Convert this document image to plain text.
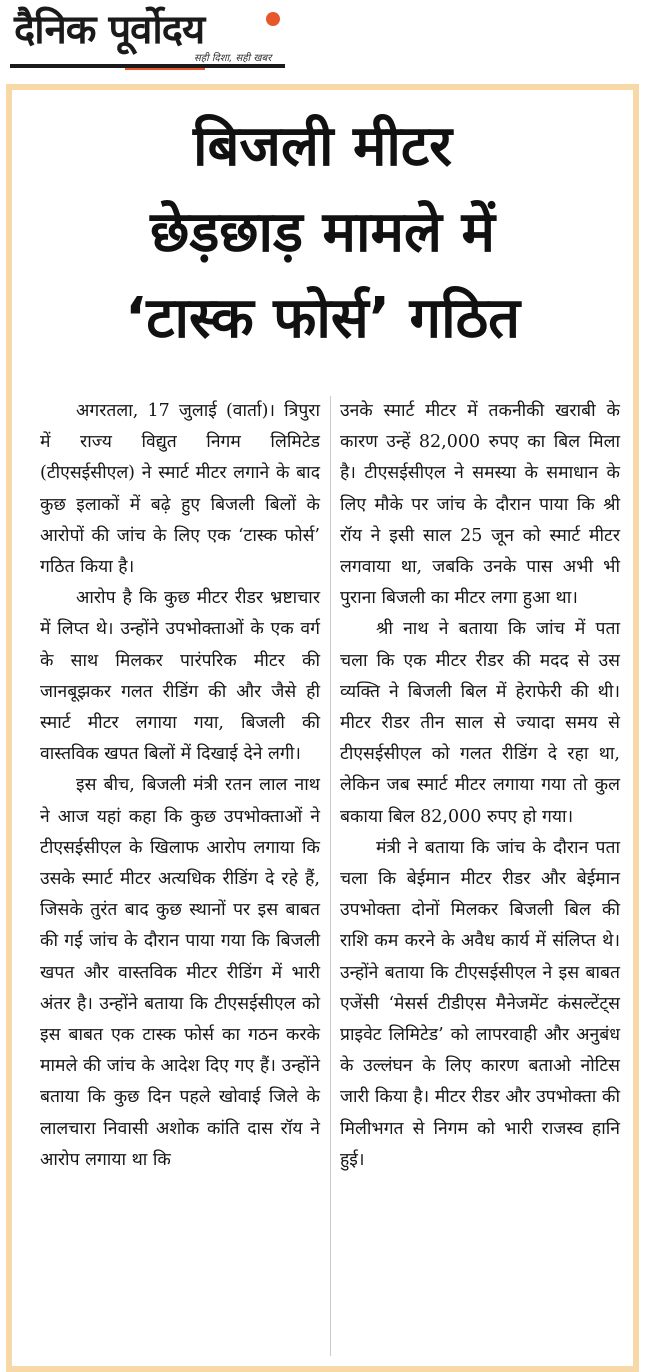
दैनिक पूर्वोदय
सही दिशा, सही खबर
बिजली मीटर
छेड़छाड़ मामले में
‘टास्क फोर्स’ गठित

अगरतला, 17 जुलाई (वार्ता)। त्रिपुरा में राज्य विद्युत निगम लिमिटेड (टीएसईसीएल) ने स्मार्ट मीटर लगाने के बाद कुछ इलाकों में बढ़े हुए बिजली बिलों के आरोपों की जांच के लिए एक ‘टास्क फोर्स’ गठित किया है।

आरोप है कि कुछ मीटर रीडर भ्रष्टाचार में लिप्त थे। उन्होंने उपभोक्ताओं के एक वर्ग के साथ मिलकर पारंपरिक मीटर की जानबूझकर गलत रीडिंग की और जैसे ही स्मार्ट मीटर लगाया गया, बिजली की वास्तविक खपत बिलों में दिखाई देने लगी।

इस बीच, बिजली मंत्री रतन लाल नाथ ने आज यहां कहा कि कुछ उपभोक्ताओं ने टीएसईसीएल के खिलाफ आरोप लगाया कि उसके स्मार्ट मीटर अत्यधिक रीडिंग दे रहे हैं, जिसके तुरंत बाद कुछ स्थानों पर इस बाबत की गई जांच के दौरान पाया गया कि बिजली खपत और वास्तविक मीटर रीडिंग में भारी अंतर है। उन्होंने बताया कि टीएसईसीएल को इस बाबत एक टास्क फोर्स का गठन करके मामले की जांच के आदेश दिए गए हैं। उन्होंने बताया कि कुछ दिन पहले खोवाई जिले के लालचारा निवासी अशोक कांति दास रॉय ने आरोप लगाया था कि

उनके स्मार्ट मीटर में तकनीकी खराबी के कारण उन्हें 82,000 रुपए का बिल मिला है। टीएसईसीएल ने समस्या के समाधान के लिए मौके पर जांच के दौरान पाया कि श्री रॉय ने इसी साल 25 जून को स्मार्ट मीटर लगवाया था, जबकि उनके पास अभी भी पुराना बिजली का मीटर लगा हुआ था।

श्री नाथ ने बताया कि जांच में पता चला कि एक मीटर रीडर की मदद से उस व्यक्ति ने बिजली बिल में हेराफेरी की थी। मीटर रीडर तीन साल से ज्यादा समय से टीएसईसीएल को गलत रीडिंग दे रहा था, लेकिन जब स्मार्ट मीटर लगाया गया तो कुल बकाया बिल 82,000 रुपए हो गया।

मंत्री ने बताया कि जांच के दौरान पता चला कि बेईमान मीटर रीडर और बेईमान उपभोक्ता दोनों मिलकर बिजली बिल की राशि कम करने के अवैध कार्य में संलिप्त थे। उन्होंने बताया कि टीएसईसीएल ने इस बाबत एजेंसी ‘मेसर्स टीडीएस मैनेजमेंट कंसल्टेंट्स प्राइवेट लिमिटेड’ को लापरवाही और अनुबंध के उल्लंघन के लिए कारण बताओ नोटिस जारी किया है। मीटर रीडर और उपभोक्ता की मिलीभगत से निगम को भारी राजस्व हानि हुई।
